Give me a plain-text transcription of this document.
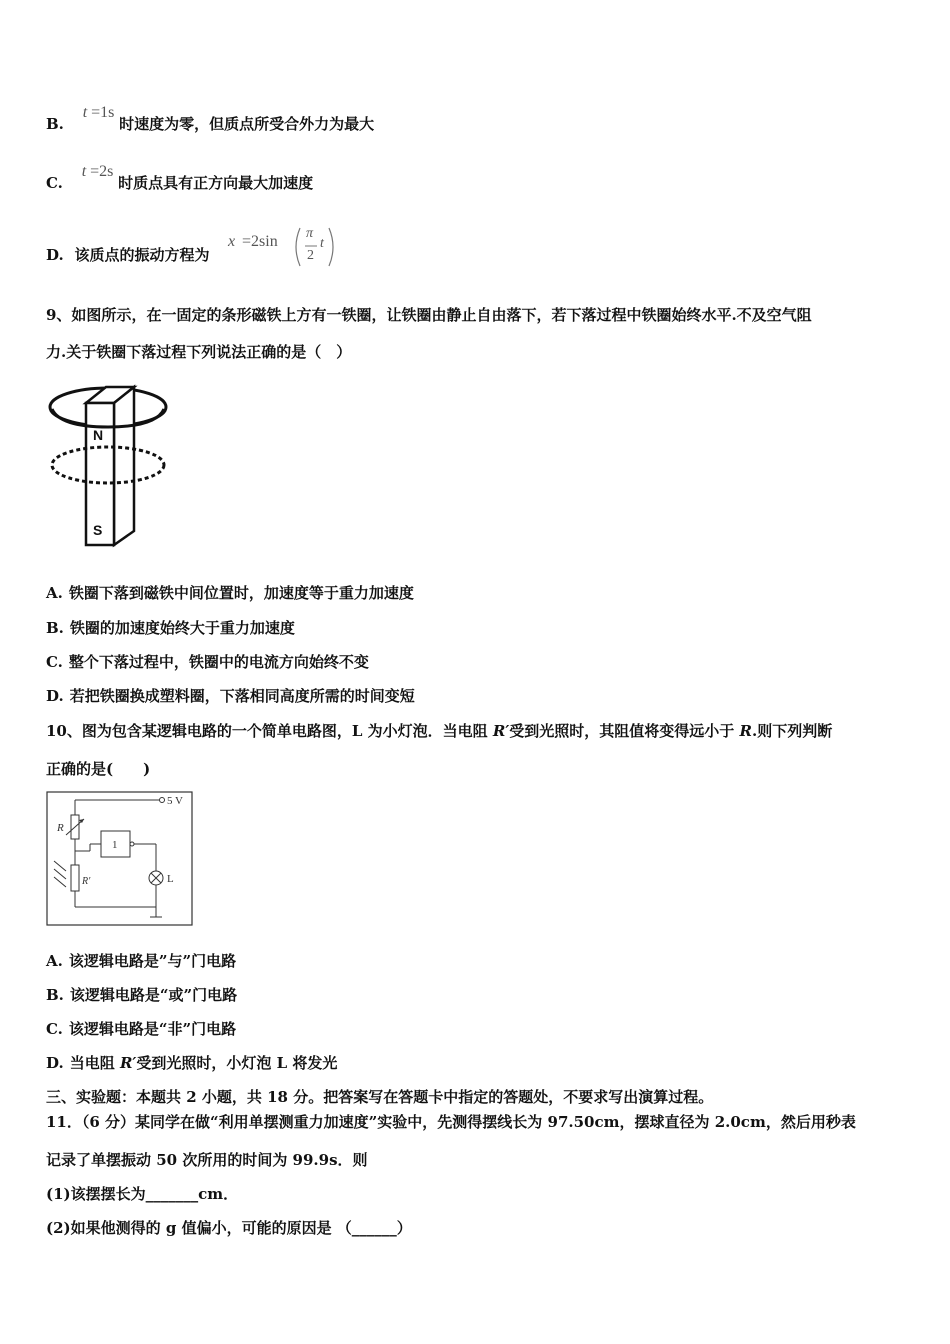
B. t =1s 时速度为零，但质点所受合外力为最大
C. t =2s 时质点具有正方向最大加速度
D. 该质点的振动方程为
x =2sin π
2
t
9、如图所示，在一固定的条形磁铁上方有一铁圈，让铁圈由静止自由落下，若下落过程中铁圈始终水平.不及空气阻
力.关于铁圈下落过程下列说法正确的是（　）
N
S
A. 铁圈下落到磁铁中间位置时，加速度等于重力加速度
B. 铁圈的加速度始终大于重力加速度
C. 整个下落过程中，铁圈中的电流方向始终不变
D. 若把铁圈换成塑料圈，下落相同高度所需的时间变短
10、图为包含某逻辑电路的一个简单电路图，L 为小灯泡．当电阻 R′受到光照时，其阻值将变得远小于 R.则下列判断
正确的是(　　)
5 V
R
R′
1
L
A. 该逻辑电路是”与”门电路
B. 该逻辑电路是“或”门电路
C. 该逻辑电路是“非”门电路
D. 当电阻 R′受到光照时，小灯泡 L 将发光
三、实验题：本题共 2 小题，共 18 分。把答案写在答题卡中指定的答题处，不要求写出演算过程。
11．（6 分）某同学在做“利用单摆测重力加速度”实验中，先测得摆线长为 97.50cm，摆球直径为 2.0cm，然后用秒表
记录了单摆振动 50 次所用的时间为 99.9s．则
(1)该摆摆长为_______cm．
(2)如果他测得的 g 值偏小，可能的原因是 （______）
